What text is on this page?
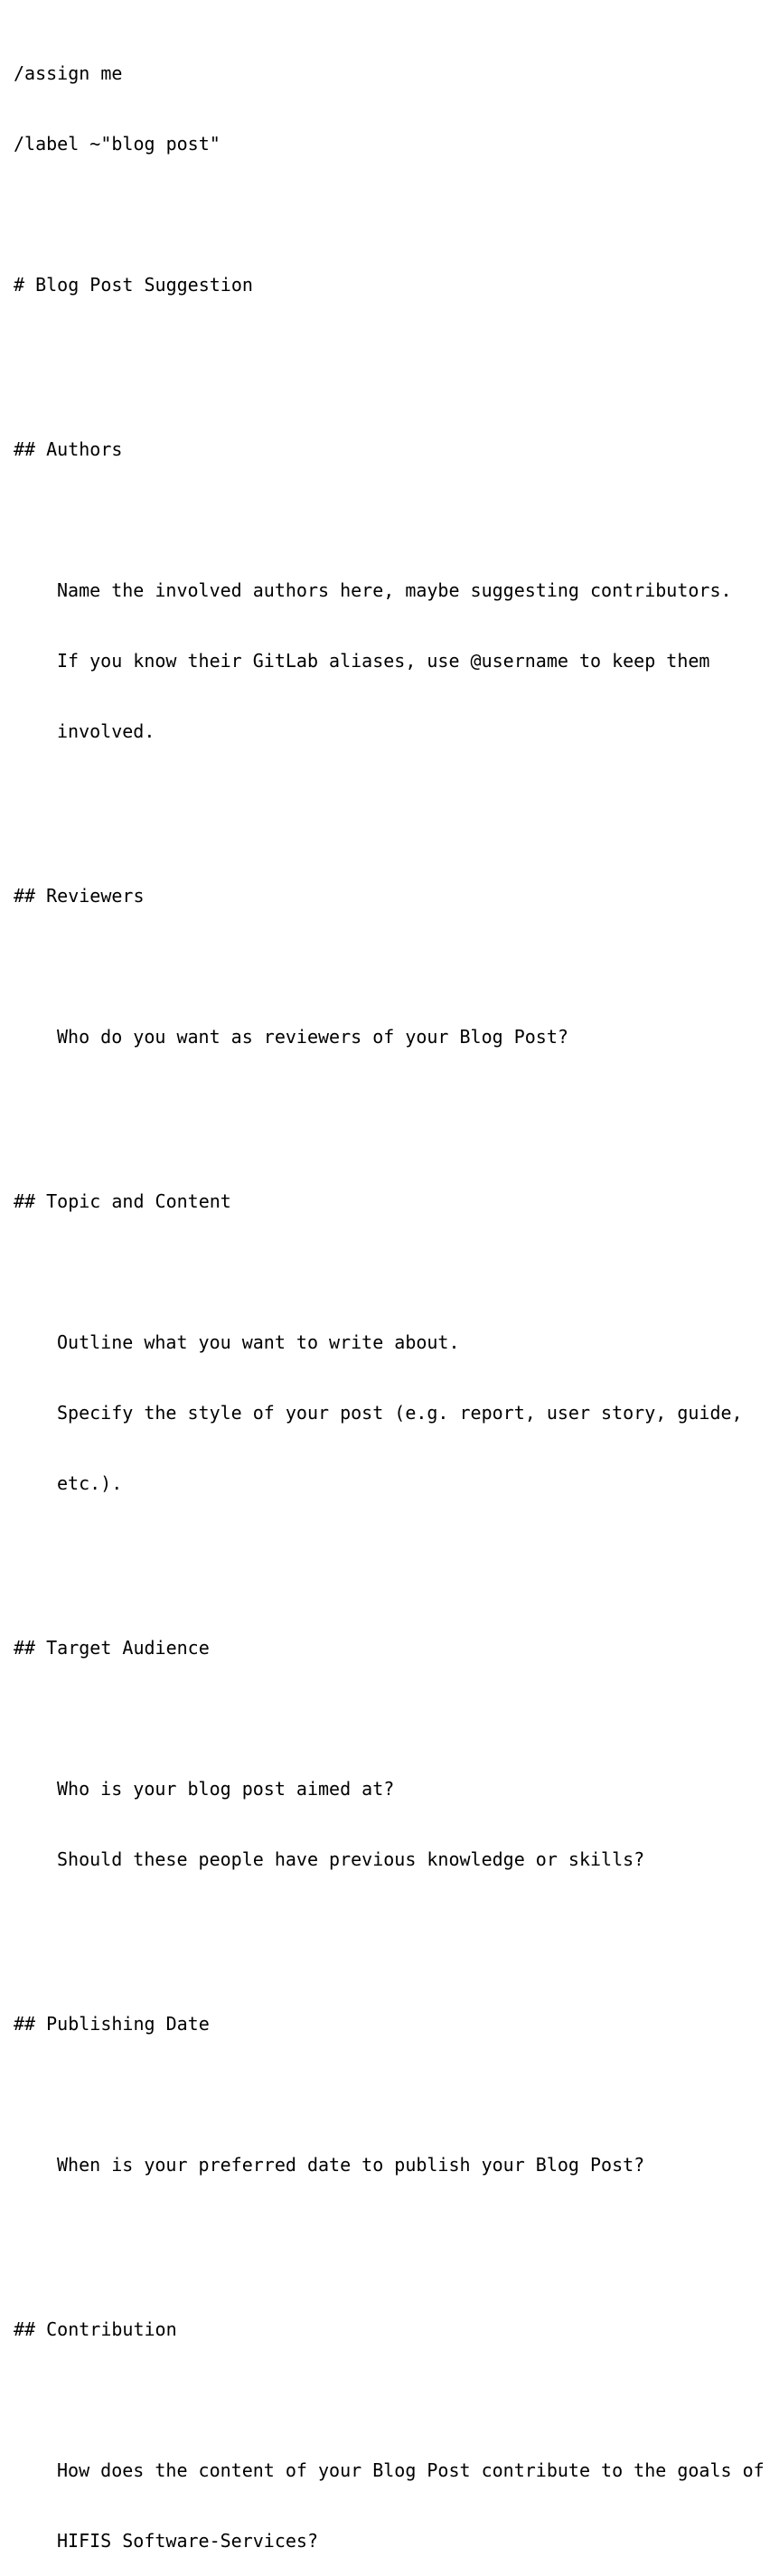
/assign me

/label ~"blog post"

# Blog Post Suggestion

## Authors

Name the involved authors here, maybe suggesting contributors.

If you know their GitLab aliases, use @username to keep them

involved.

## Reviewers

Who do you want as reviewers of your Blog Post?

## Topic and Content

Outline what you want to write about.

Specify the style of your post (e.g. report, user story, guide,

etc.).

## Target Audience

Who is your blog post aimed at?

Should these people have previous knowledge or skills?

## Publishing Date

When is your preferred date to publish your Blog Post?

## Contribution

How does the content of your Blog Post contribute to the goals of

HIFIS Software-Services?
